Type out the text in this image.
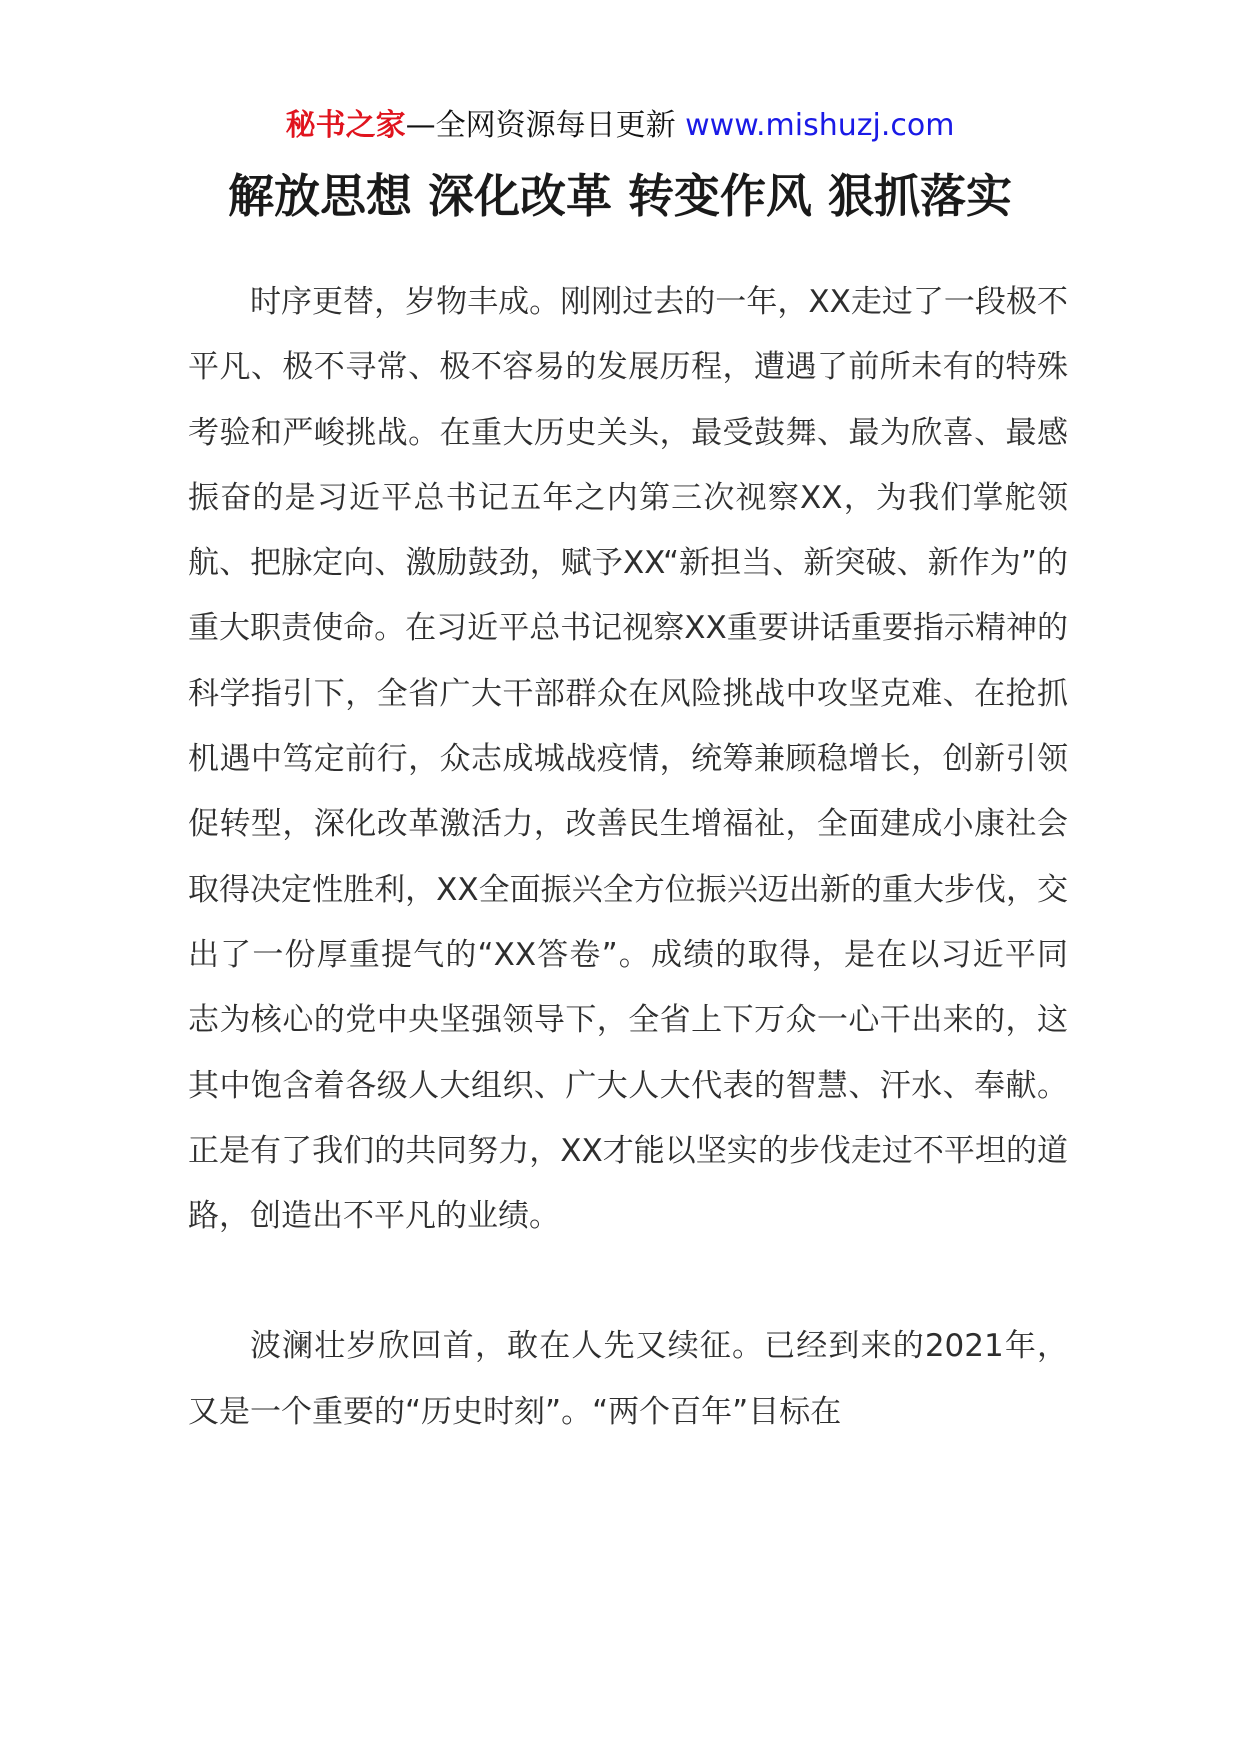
秘书之家—全网资源每日更新 www.mishuzj.com
解放思想 深化改革 转变作风 狠抓落实

时序更替，岁物丰成。刚刚过去的一年，XX走过了一段极不平凡、极不寻常、极不容易的发展历程，遭遇了前所未有的特殊考验和严峻挑战。在重大历史关头，最受鼓舞、最为欣喜、最感振奋的是习近平总书记五年之内第三次视察XX，为我们掌舵领航、把脉定向、激励鼓劲，赋予XX“新担当、新突破、新作为”的重大职责使命。在习近平总书记视察XX重要讲话重要指示精神的科学指引下，全省广大干部群众在风险挑战中攻坚克难、在抢抓机遇中笃定前行，众志成城战疫情，统筹兼顾稳增长，创新引领促转型，深化改革激活力，改善民生增福祉，全面建成小康社会取得决定性胜利，XX全面振兴全方位振兴迈出新的重大步伐，交出了一份厚重提气的“XX答卷”。成绩的取得，是在以习近平同志为核心的党中央坚强领导下，全省上下万众一心干出来的，这其中饱含着各级人大组织、广大人大代表的智慧、汗水、奉献。正是有了我们的共同努力，XX才能以坚实的步伐走过不平坦的道路，创造出不平凡的业绩。

波澜壮岁欣回首，敢在人先又续征。已经到来的2021年，又是一个重要的“历史时刻”。“两个百年”目标在
